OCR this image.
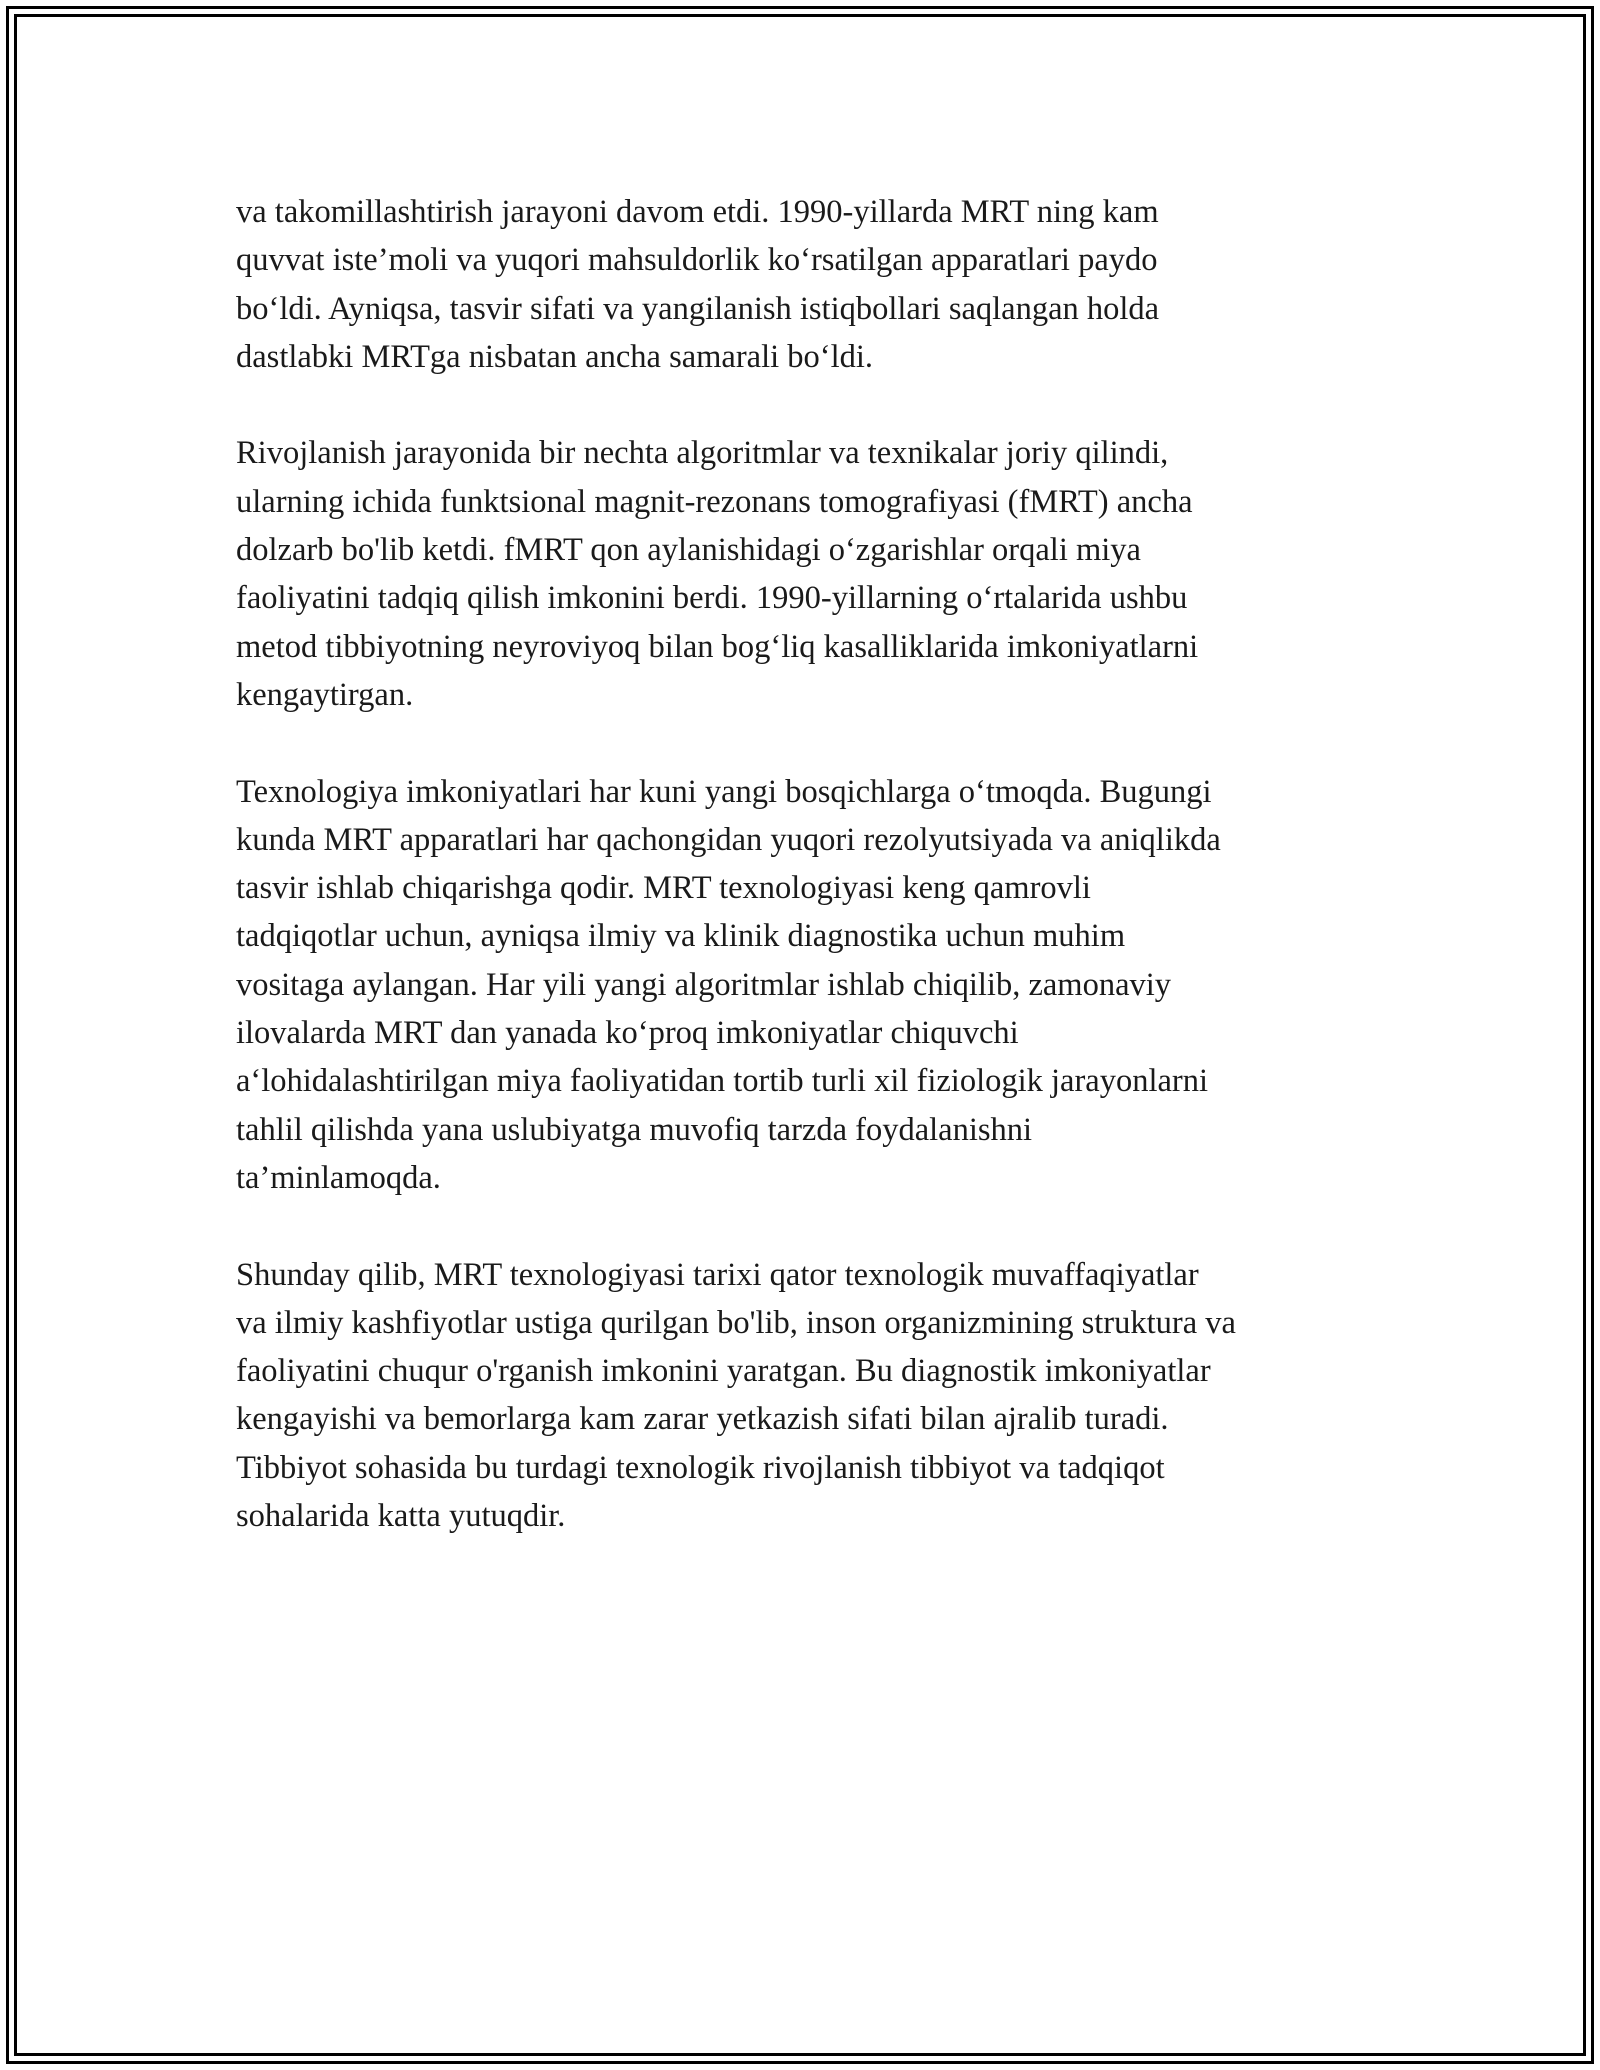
va takomillashtirish jarayoni davom etdi. 1990-yillarda MRT ning kam
quvvat iste’moli va yuqori mahsuldorlik ko‘rsatilgan apparatlari paydo
bo‘ldi. Ayniqsa, tasvir sifati va yangilanish istiqbollari saqlangan holda
dastlabki MRTga nisbatan ancha samarali bo‘ldi.

Rivojlanish jarayonida bir nechta algoritmlar va texnikalar joriy qilindi,
ularning ichida funktsional magnit-rezonans tomografiyasi (fMRT) ancha
dolzarb bo'lib ketdi. fMRT qon aylanishidagi o‘zgarishlar orqali miya
faoliyatini tadqiq qilish imkonini berdi. 1990-yillarning o‘rtalarida ushbu
metod tibbiyotning neyroviyoq bilan bog‘liq kasalliklarida imkoniyatlarni
kengaytirgan.

Texnologiya imkoniyatlari har kuni yangi bosqichlarga o‘tmoqda. Bugungi
kunda MRT apparatlari har qachongidan yuqori rezolyutsiyada va aniqlikda
tasvir ishlab chiqarishga qodir. MRT texnologiyasi keng qamrovli
tadqiqotlar uchun, ayniqsa ilmiy va klinik diagnostika uchun muhim
vositaga aylangan. Har yili yangi algoritmlar ishlab chiqilib, zamonaviy
ilovalarda MRT dan yanada ko‘proq imkoniyatlar chiquvchi
a‘lohidalashtirilgan miya faoliyatidan tortib turli xil fiziologik jarayonlarni
tahlil qilishda yana uslubiyatga muvofiq tarzda foydalanishni
ta’minlamoqda.

Shunday qilib, MRT texnologiyasi tarixi qator texnologik muvaffaqiyatlar
va ilmiy kashfiyotlar ustiga qurilgan bo'lib, inson organizmining struktura va
faoliyatini chuqur o'rganish imkonini yaratgan. Bu diagnostik imkoniyatlar
kengayishi va bemorlarga kam zarar yetkazish sifati bilan ajralib turadi.
Tibbiyot sohasida bu turdagi texnologik rivojlanish tibbiyot va tadqiqot
sohalarida katta yutuqdir.
